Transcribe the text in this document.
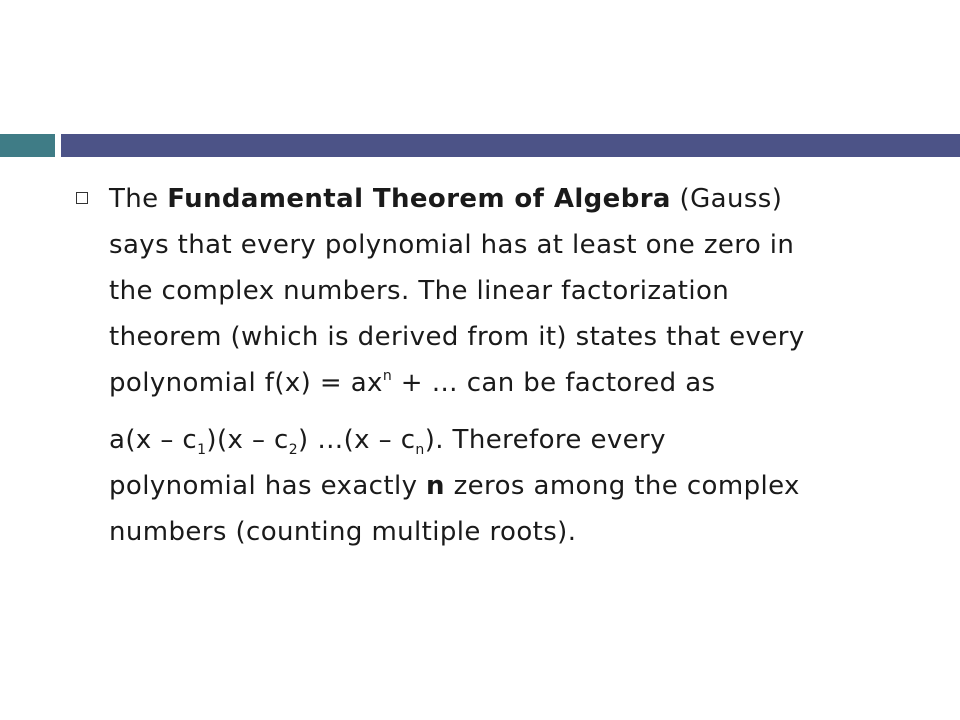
The Fundamental Theorem of Algebra (Gauss)
says that every polynomial has at least one zero in
the complex numbers. The linear factorization
theorem (which is derived from it) states that every
polynomial $f(x) = ax^n$ + … can be factored as
$a(x - c_1)(x - c_2)$ …(x – $c_n$). Therefore every
polynomial has exactly n zeros among the complex
numbers (counting multiple roots).
